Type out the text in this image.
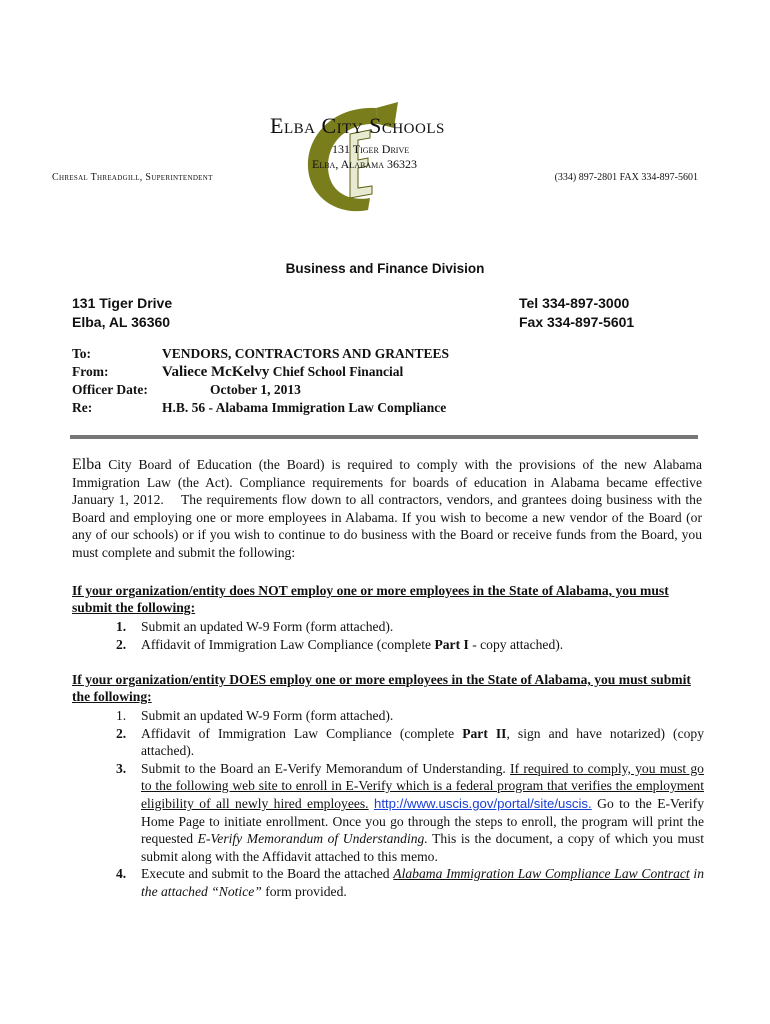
Elba City Schools
131 Tiger Drive
Elba, Alabama 36323
Chresal Threadgill, Superintendent	(334) 897-2801 FAX 334-897-5601
Business and Finance Division
131 Tiger Drive
Elba, AL 36360
Tel 334-897-3000
Fax 334-897-5601
To:	VENDORS, CONTRACTORS AND GRANTEES
From:	Valiece McKelvy Chief School Financial
Officer Date:	October 1, 2013
Re:	H.B. 56 - Alabama Immigration Law Compliance
Elba City Board of Education (the Board) is required to comply with the provisions of the new Alabama Immigration Law (the Act). Compliance requirements for boards of education in Alabama became effective January 1, 2012.    The requirements flow down to all contractors, vendors, and grantees doing business with the Board and employing one or more employees in Alabama. If you wish to become a new vendor of the Board (or any of our schools) or if you wish to continue to do business with the Board or receive funds from the Board, you must complete and submit the following:
If your organization/entity does NOT employ one or more employees in the State of Alabama, you must submit the following:
1. Submit an updated W-9 Form (form attached).
2. Affidavit of Immigration Law Compliance (complete Part I - copy attached).
If your organization/entity DOES employ one or more employees in the State of Alabama, you must submit the following:
1. Submit an updated W-9 Form (form attached).
2. Affidavit of Immigration Law Compliance (complete Part II, sign and have notarized) (copy attached).
3. Submit to the Board an E-Verify Memorandum of Understanding. If required to comply, you must go to the following web site to enroll in E-Verify which is a federal program that verifies the employment eligibility of all newly hired employees. http://www.uscis.gov/portal/site/uscis. Go to the E-Verify Home Page to initiate enrollment. Once you go through the steps to enroll, the program will print the requested E-Verify Memorandum of Understanding. This is the document, a copy of which you must submit along with the Affidavit attached to this memo.
4. Execute and submit to the Board the attached Alabama Immigration Law Compliance Law Contract in the attached “Notice” form provided.
